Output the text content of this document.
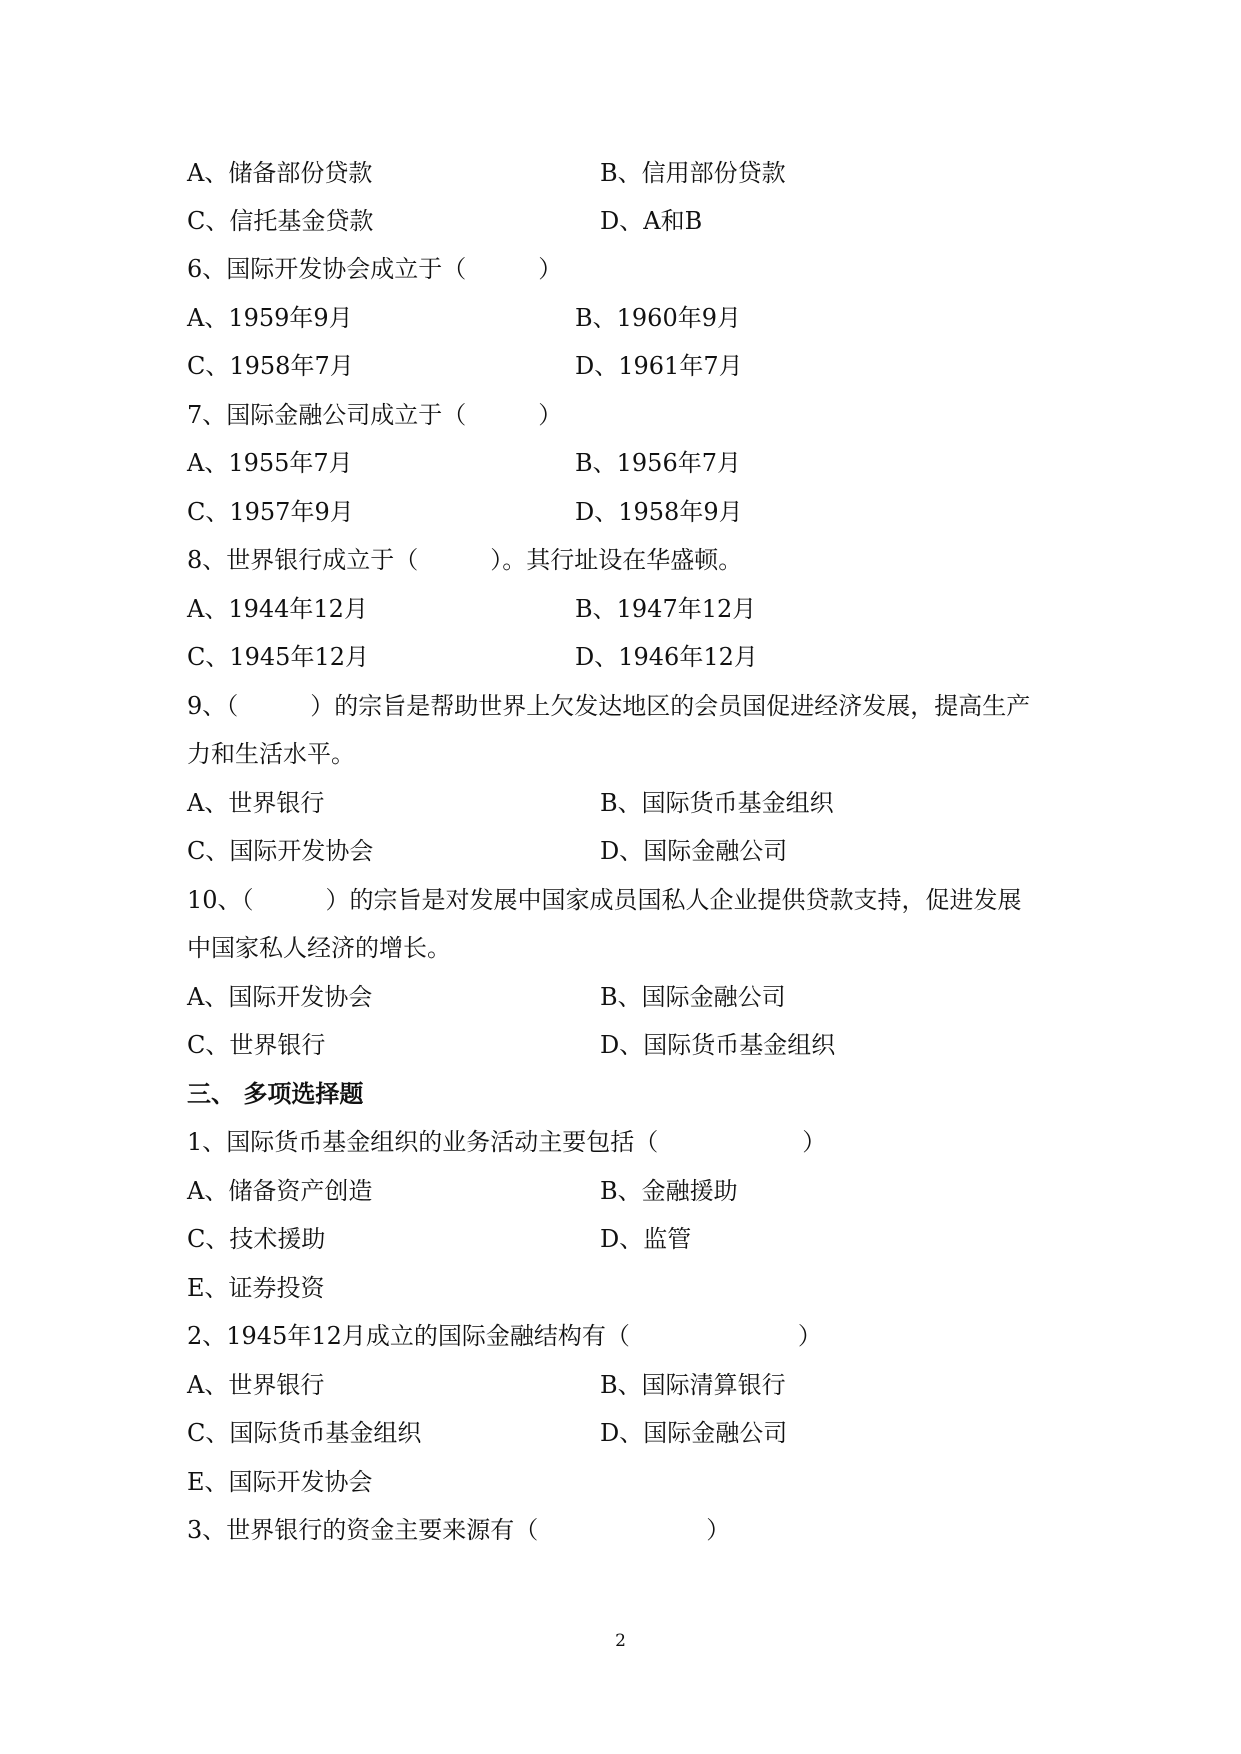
A、储备部份贷款	B、信用部份贷款
C、信托基金贷款	D、A和B
6、国际开发协会成立于（　　　）
A、1959年9月	B、1960年9月
C、1958年7月	D、1961年7月
7、国际金融公司成立于（　　　）
A、1955年7月	B、1956年7月
C、1957年9月	D、1958年9月
8、世界银行成立于（　　　）。其行址设在华盛顿。
A、1944年12月	B、1947年12月
C、1945年12月	D、1946年12月
9、（　　　）的宗旨是帮助世界上欠发达地区的会员国促进经济发展，提高生产
力和生活水平。
A、世界银行	B、国际货币基金组织
C、国际开发协会	D、国际金融公司
10、（　　　）的宗旨是对发展中国家成员国私人企业提供贷款支持，促进发展
中国家私人经济的增长。
A、国际开发协会	B、国际金融公司
C、世界银行	D、国际货币基金组织
三、 多项选择题
1、国际货币基金组织的业务活动主要包括（　　　　　　）
A、储备资产创造	B、金融援助
C、技术援助	D、监管
E、证券投资
2、1945年12月成立的国际金融结构有（　　　　　　　）
A、世界银行	B、国际清算银行
C、国际货币基金组织	D、国际金融公司
E、国际开发协会
3、世界银行的资金主要来源有（　　　　　　　）
2
